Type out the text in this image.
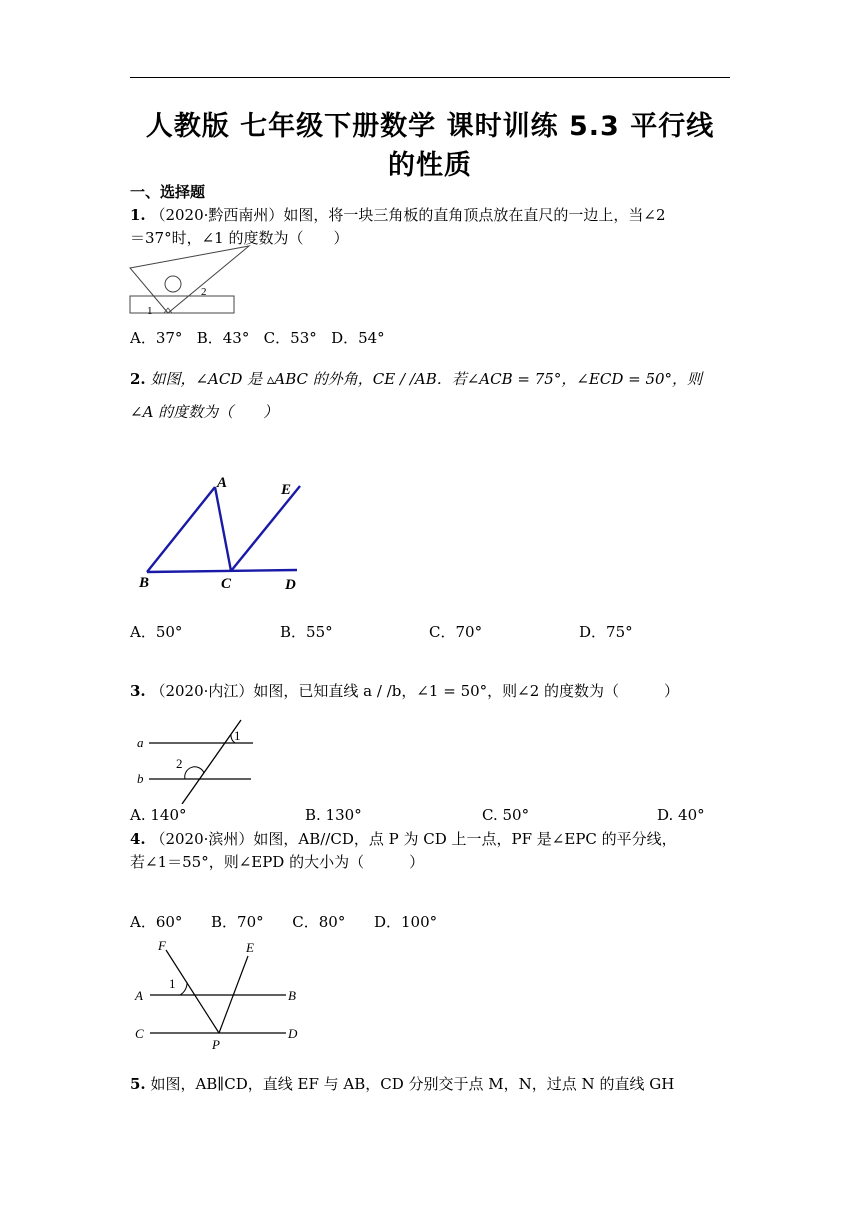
人教版 七年级下册数学 课时训练 5.3 平行线
的性质
一、选择题
1. （2020·黔西南州）如图，将一块三角板的直角顶点放在直尺的一边上，当∠2
＝37°时，∠1 的度数为（　　）
1
2
A．37° B．43° C．53° D．54°
2. 如图，∠ACD 是 ▵ABC 的外角，CE / /AB．若∠ACB = 75°，∠ECD = 50°，则
∠A 的度数为（　　）
A	E
B	C	D
A．50°	B．55°	C．70°	D．75°
3. （2020·内江）如图，已知直线 a / /b，∠1 = 50°，则∠2 的度数为（　　　）
a
b
1
2
A. 140°	B. 130°	C. 50°	D. 40°
4. （2020·滨州）如图，AB//CD，点 P 为 CD 上一点，PF 是∠EPC 的平分线，
若∠1＝55°，则∠EPD 的大小为（　　　）
A．60° B．70° C．80° D．100°
F	E
A	B
C	D
P
1
5. 如图，AB∥CD，直线 EF 与 AB，CD 分别交于点 M，N，过点 N 的直线 GH
